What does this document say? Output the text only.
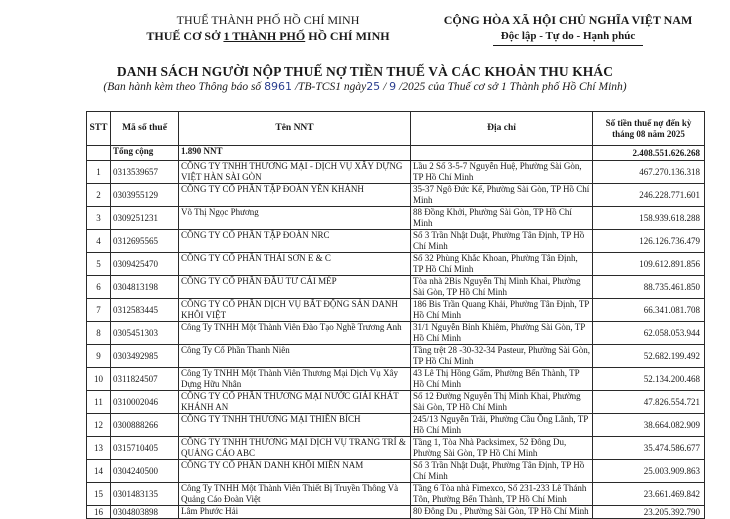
THUẾ THÀNH PHỐ HỒ CHÍ MINH
THUẾ CƠ SỞ 1 THÀNH PHỐ HỒ CHÍ MINH
CỘNG HÒA XÃ HỘI CHỦ NGHĨA VIỆT NAM
Độc lập - Tự do - Hạnh phúc
DANH SÁCH NGƯỜI NỘP THUẾ NỢ TIỀN THUẾ VÀ CÁC KHOẢN THU KHÁC
(Ban hành kèm theo Thông báo số 8961 /TB-TCS1 ngày25 / 9 /2025 của Thuế cơ sở 1 Thành phố Hồ Chí Minh)
STT	Mã số thuế	Tên NNT	Địa chỉ	Số tiền thuế nợ đến kỳ tháng 08 năm 2025
	Tổng cộng	1.890 NNT		2.408.551.626.268
1	0313539657	CÔNG TY TNHH THƯƠNG MẠI - DỊCH VỤ XÂY DỰNG VIỆT HÀN SÀI GÒN	Lầu 2 Số 3-5-7 Nguyễn Huệ, Phường Sài Gòn, TP Hồ Chí Minh	467.270.136.318
2	0303955129	CÔNG TY CỔ PHẦN TẬP ĐOÀN YÊN KHÁNH	35-37 Ngô Đức Kế, Phường Sài Gòn, TP Hồ Chí Minh	246.228.771.601
3	0309251231	Võ Thị Ngọc Phương	88 Đồng Khởi, Phường Sài Gòn, TP Hồ Chí Minh	158.939.618.288
4	0312695565	CÔNG TY CỔ PHẦN TẬP ĐOÀN NRC	Số 3 Trần Nhật Duật, Phường Tân Định, TP Hồ Chí Minh	126.126.736.479
5	0309425470	CÔNG TY CỔ PHẦN THÁI SƠN E & C	Số 32 Phùng Khắc Khoan, Phường Tân Định, TP Hồ Chí Minh	109.612.891.856
6	0304813198	CÔNG TY CỔ PHẦN ĐẦU TƯ CÁI MÉP	Tòa nhà 2Bis Nguyễn Thị Minh Khai, Phường Sài Gòn, TP Hồ Chí Minh	88.735.461.850
7	0312583445	CÔNG TY CỔ PHẦN DỊCH VỤ BẤT ĐỘNG SẢN DANH KHÔI VIỆT	186 Bis Trần Quang Khải, Phường Tân Định, TP Hồ Chí Minh	66.341.081.708
8	0305451303	Công Ty TNHH Một Thành Viên Đào Tạo Nghề Trương Anh	31/1 Nguyễn Bỉnh Khiêm, Phường Sài Gòn, TP Hồ Chí Minh	62.058.053.944
9	0303492985	Công Ty Cổ Phần Thanh Niên	Tầng trệt 28 -30-32-34 Pasteur, Phường Sài Gòn, TP Hồ Chí Minh	52.682.199.492
10	0311824507	Công Ty TNHH Một Thành Viên Thương Mại Dịch Vụ Xây Dựng Hữu Nhân	43 Lê Thị Hồng Gấm, Phường Bến Thành, TP Hồ Chí Minh	52.134.200.468
11	0310002046	CÔNG TY CỔ PHẦN THƯƠNG MẠI NƯỚC GIẢI KHÁT KHÁNH AN	Số 12 Đường Nguyễn Thị Minh Khai, Phường Sài Gòn, TP Hồ Chí Minh	47.826.554.721
12	0300888266	CÔNG TY TNHH THƯƠNG MẠI THIÊN BÍCH	245/13 Nguyễn Trãi, Phường Cầu Ông Lãnh, TP Hồ Chí Minh	38.664.082.909
13	0315710405	CÔNG TY TNHH THƯƠNG MẠI DỊCH VỤ TRANG TRÍ & QUẢNG CÁO ABC	Tầng 1, Tòa Nhà Packsimex, 52 Đông Du, Phường Sài Gòn, TP Hồ Chí Minh	35.474.586.677
14	0304240500	CÔNG TY CỔ PHẦN DANH KHÔI MIỀN NAM	Số 3 Trần Nhật Duật, Phường Tân Định, TP Hồ Chí Minh	25.003.909.863
15	0301483135	Công Ty TNHH Một Thành Viên Thiết Bị Truyền Thông Và Quảng Cáo Đoàn Việt	Tầng 6 Tòa nhà Fimexco, Số 231-233 Lê Thánh Tôn, Phường Bến Thành, TP Hồ Chí Minh	23.661.469.842
16	0304803898	Lâm Phước Hải	80 Đông Du , Phường Sài Gòn, TP Hồ Chí Minh	23.205.392.790
